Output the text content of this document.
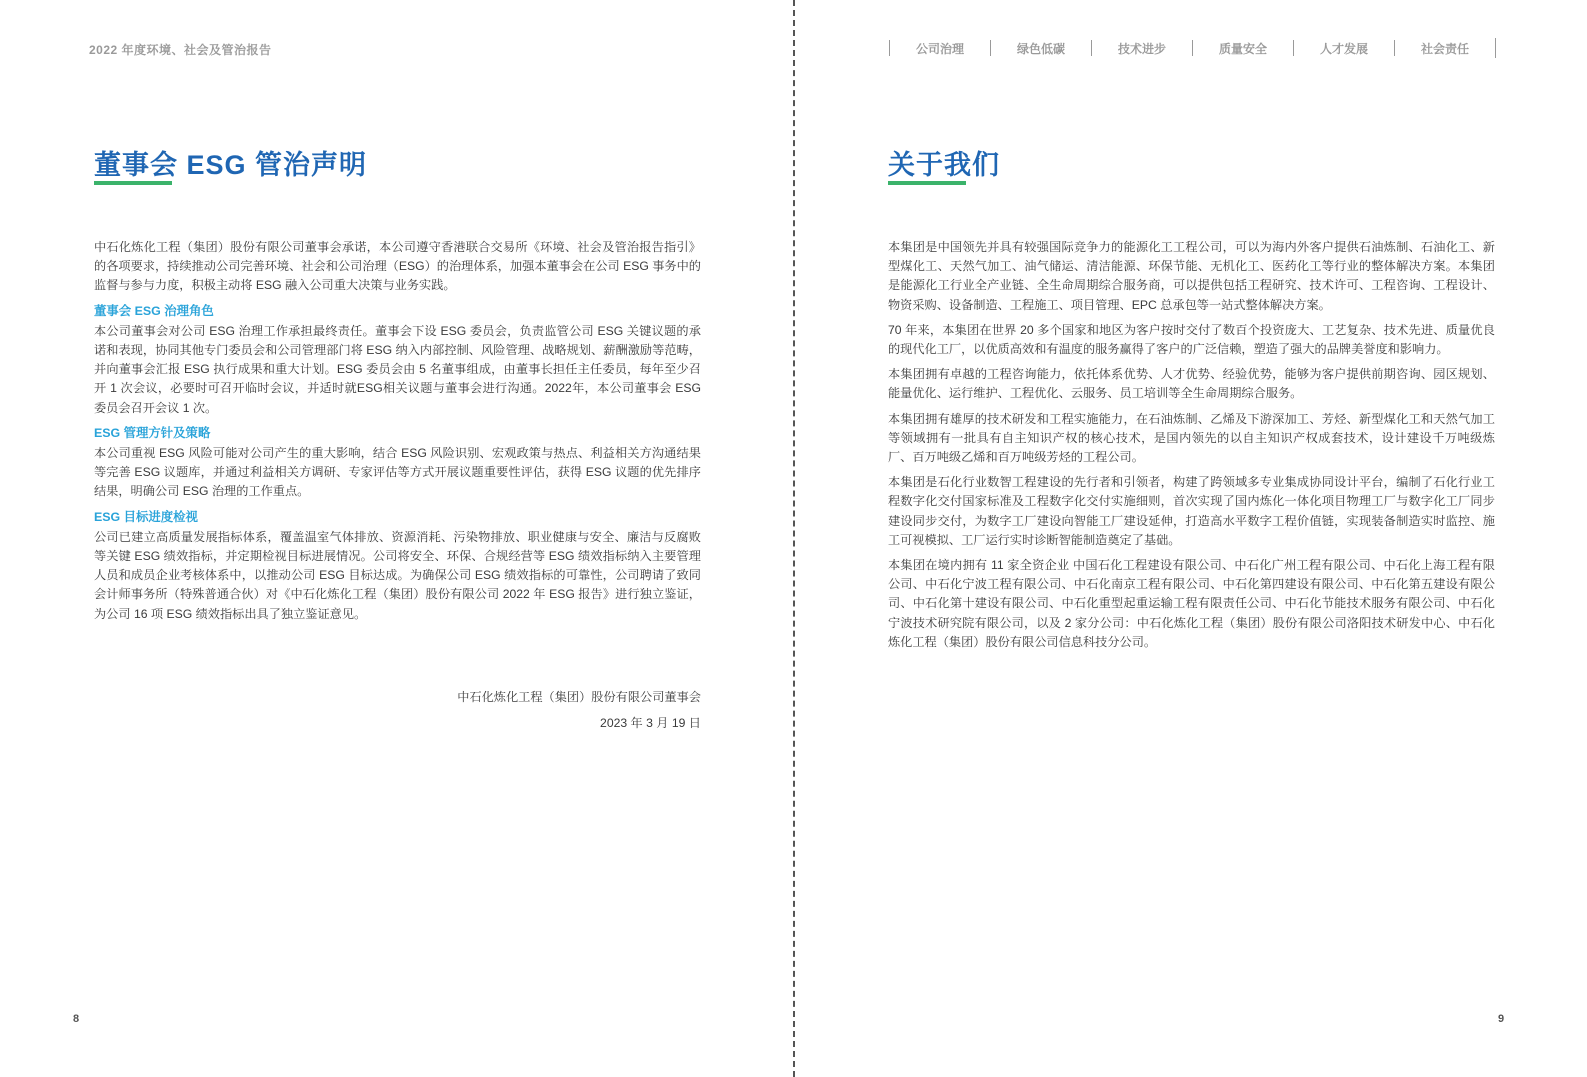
2022 年度环境、社会及管治报告
董事会 ESG 管治声明

中石化炼化工程（集团）股份有限公司董事会承诺，本公司遵守香港联合交易所《环境、社会及管治报告指引》的各项要求，持续推动公司完善环境、社会和公司治理（ESG）的治理体系，加强本董事会在公司 ESG 事务中的监督与参与力度，积极主动将 ESG 融入公司重大决策与业务实践。

董事会 ESG 治理角色

本公司董事会对公司 ESG 治理工作承担最终责任。董事会下设 ESG 委员会，负责监管公司 ESG 关键议题的承诺和表现，协同其他专门委员会和公司管理部门将 ESG 纳入内部控制、风险管理、战略规划、薪酬激励等范畴，并向董事会汇报 ESG 执行成果和重大计划。ESG 委员会由 5 名董事组成，由董事长担任主任委员，每年至少召开 1 次会议，必要时可召开临时会议，并适时就ESG相关议题与董事会进行沟通。2022年，本公司董事会 ESG 委员会召开会议 1 次。

ESG 管理方针及策略

本公司重视 ESG 风险可能对公司产生的重大影响，结合 ESG 风险识别、宏观政策与热点、利益相关方沟通结果等完善 ESG 议题库，并通过利益相关方调研、专家评估等方式开展议题重要性评估，获得 ESG 议题的优先排序结果，明确公司 ESG 治理的工作重点。

ESG 目标进度检视

公司已建立高质量发展指标体系，覆盖温室气体排放、资源消耗、污染物排放、职业健康与安全、廉洁与反腐败等关键 ESG 绩效指标，并定期检视目标进展情况。公司将安全、环保、合规经营等 ESG 绩效指标纳入主要管理人员和成员企业考核体系中，以推动公司 ESG 目标达成。为确保公司 ESG 绩效指标的可靠性，公司聘请了致同会计师事务所（特殊普通合伙）对《中石化炼化工程（集团）股份有限公司 2022 年 ESG 报告》进行独立鉴证，为公司 16 项 ESG 绩效指标出具了独立鉴证意见。

中石化炼化工程（集团）股份有限公司董事会
2023 年 3 月 19 日
8
公司治理	绿色低碳	技术进步	质量安全	人才发展	社会责任
关于我们

本集团是中国领先并具有较强国际竞争力的能源化工工程公司，可以为海内外客户提供石油炼制、石油化工、新型煤化工、天然气加工、油气储运、清洁能源、环保节能、无机化工、医药化工等行业的整体解决方案。本集团是能源化工行业全产业链、全生命周期综合服务商，可以提供包括工程研究、技术许可、工程咨询、工程设计、物资采购、设备制造、工程施工、项目管理、EPC 总承包等一站式整体解决方案。

70 年来，本集团在世界 20 多个国家和地区为客户按时交付了数百个投资庞大、工艺复杂、技术先进、质量优良的现代化工厂，以优质高效和有温度的服务赢得了客户的广泛信赖，塑造了强大的品牌美誉度和影响力。

本集团拥有卓越的工程咨询能力，依托体系优势、人才优势、经验优势，能够为客户提供前期咨询、园区规划、能量优化、运行维护、工程优化、云服务、员工培训等全生命周期综合服务。

本集团拥有雄厚的技术研发和工程实施能力，在石油炼制、乙烯及下游深加工、芳烃、新型煤化工和天然气加工等领域拥有一批具有自主知识产权的核心技术，是国内领先的以自主知识产权成套技术，设计建设千万吨级炼厂、百万吨级乙烯和百万吨级芳烃的工程公司。

本集团是石化行业数智工程建设的先行者和引领者，构建了跨领域多专业集成协同设计平台，编制了石化行业工程数字化交付国家标准及工程数字化交付实施细则，首次实现了国内炼化一体化项目物理工厂与数字化工厂同步建设同步交付，为数字工厂建设向智能工厂建设延伸，打造高水平数字工程价值链，实现装备制造实时监控、施工可视模拟、工厂运行实时诊断智能制造奠定了基础。

本集团在境内拥有 11 家全资企业 中国石化工程建设有限公司、中石化广州工程有限公司、中石化上海工程有限公司、中石化宁波工程有限公司、中石化南京工程有限公司、中石化第四建设有限公司、中石化第五建设有限公司、中石化第十建设有限公司、中石化重型起重运输工程有限责任公司、中石化节能技术服务有限公司、中石化宁波技术研究院有限公司，以及 2 家分公司：中石化炼化工程（集团）股份有限公司洛阳技术研发中心、中石化炼化工程（集团）股份有限公司信息科技分公司。

9
